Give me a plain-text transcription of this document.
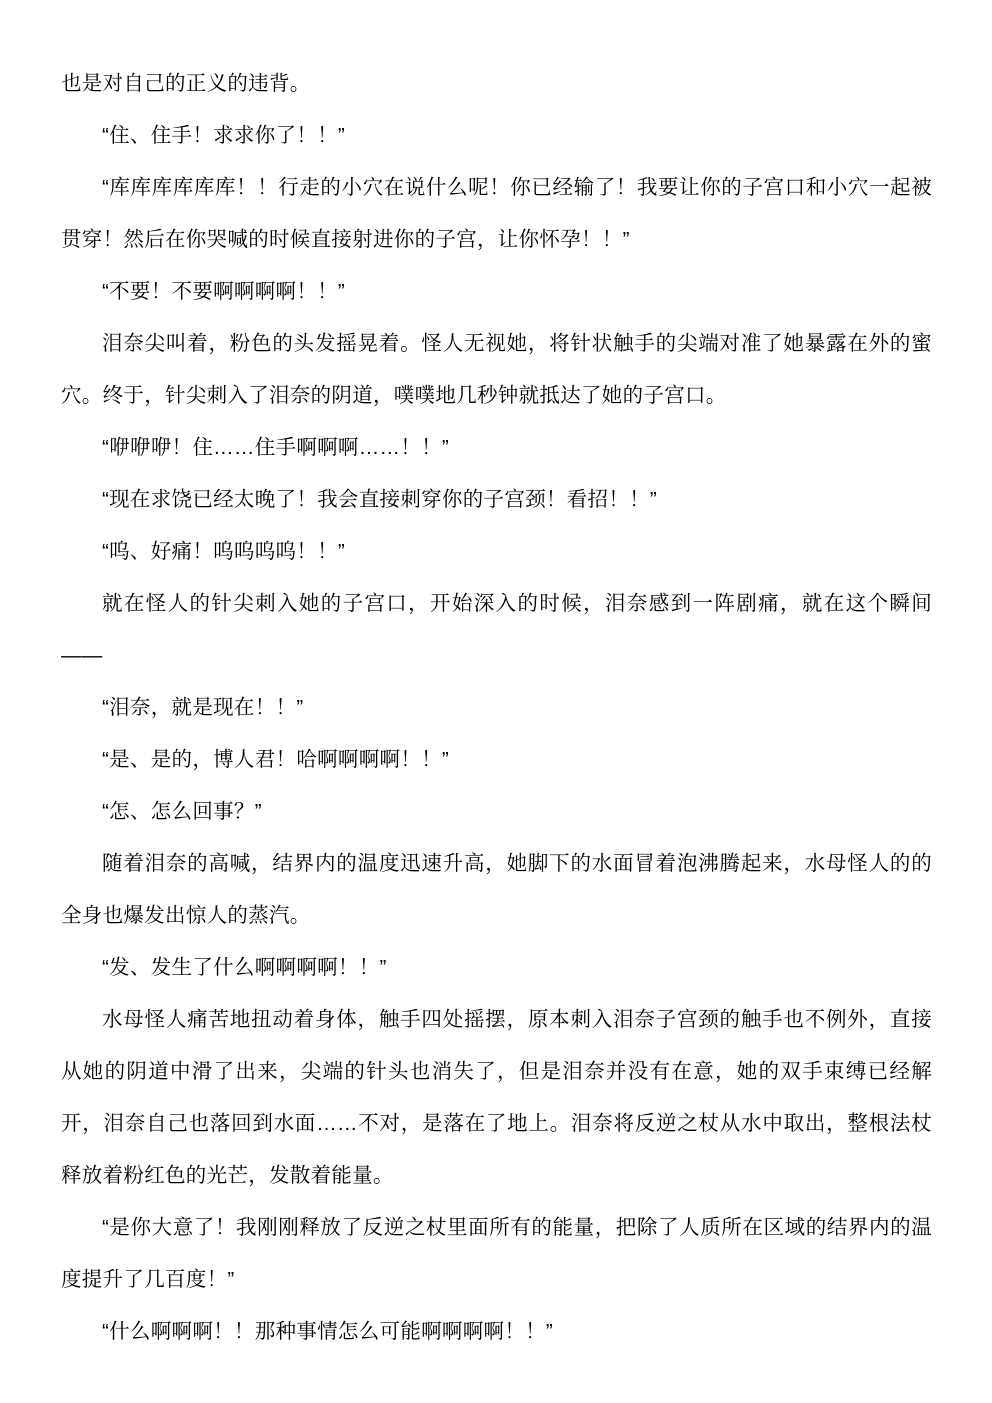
也是对自己的正义的违背。

“住、住手！求求你了！！”

“库库库库库库！！行走的小穴在说什么呢！你已经输了！我要让你的子宫口和小穴一起被贯穿！然后在你哭喊的时候直接射进你的子宫，让你怀孕！！”

“不要！不要啊啊啊啊！！”

泪奈尖叫着，粉色的头发摇晃着。怪人无视她，将针状触手的尖端对准了她暴露在外的蜜穴。终于，针尖刺入了泪奈的阴道，噗噗地几秒钟就抵达了她的子宫口。

“咿咿咿！住……住手啊啊啊……！！”

“现在求饶已经太晚了！我会直接刺穿你的子宫颈！看招！！”

“呜、好痛！呜呜呜呜！！”

就在怪人的针尖刺入她的子宫口，开始深入的时候，泪奈感到一阵剧痛，就在这个瞬间——

“泪奈，就是现在！！”

“是、是的，博人君！哈啊啊啊啊！！”

“怎、怎么回事？”

随着泪奈的高喊，结界内的温度迅速升高，她脚下的水面冒着泡沸腾起来，水母怪人的的全身也爆发出惊人的蒸汽。

“发、发生了什么啊啊啊啊！！”

水母怪人痛苦地扭动着身体，触手四处摇摆，原本刺入泪奈子宫颈的触手也不例外，直接从她的阴道中滑了出来，尖端的针头也消失了，但是泪奈并没有在意，她的双手束缚已经解开，泪奈自己也落回到水面……不对，是落在了地上。泪奈将反逆之杖从水中取出，整根法杖释放着粉红色的光芒，发散着能量。

“是你大意了！我刚刚释放了反逆之杖里面所有的能量，把除了人质所在区域的结界内的温度提升了几百度！”

“什么啊啊啊！！那种事情怎么可能啊啊啊啊！！”
